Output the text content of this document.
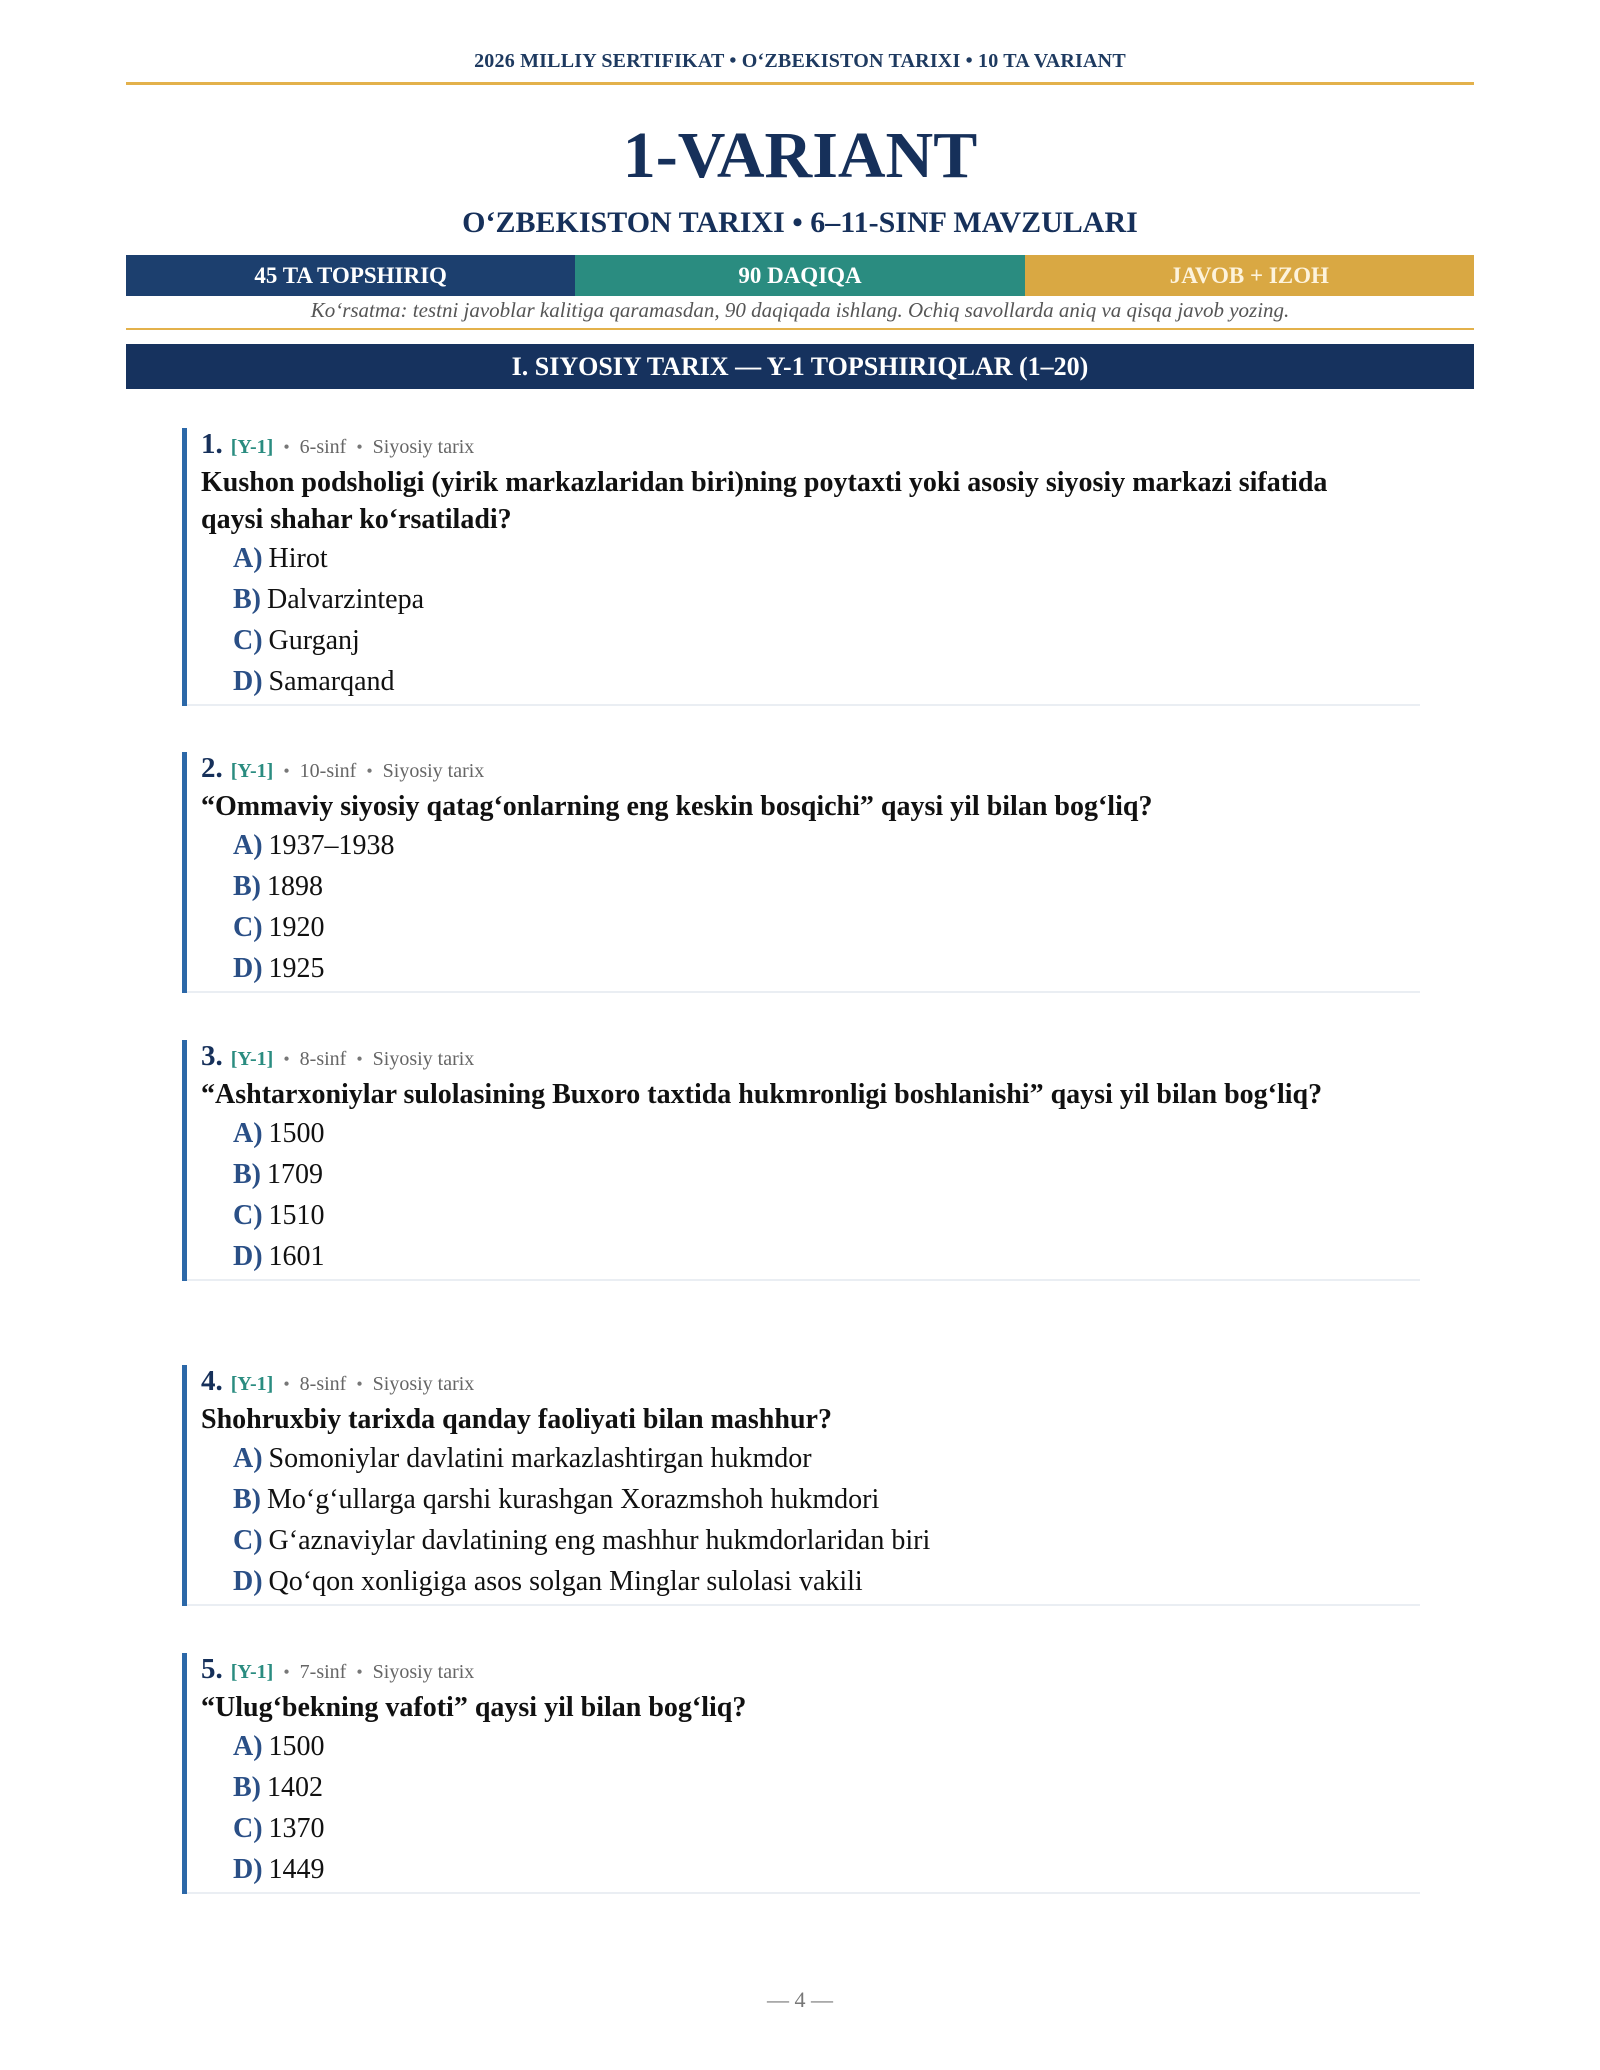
2026 MILLIY SERTIFIKAT • O‘ZBEKISTON TARIXI • 10 TA VARIANT
1-VARIANT
O‘ZBEKISTON TARIXI • 6–11-SINF MAVZULARI
45 TA TOPSHIRIQ	90 DAQIQA	JAVOB + IZOH
Ko‘rsatma: testni javoblar kalitiga qaramasdan, 90 daqiqada ishlang. Ochiq savollarda aniq va qisqa javob yozing.
I. SIYOSIY TARIX — Y-1 TOPSHIRIQLAR (1–20)
1. [Y-1] • 6-sinf • Siyosiy tarix
Kushon podsholigi (yirik markazlaridan biri)ning poytaxti yoki asosiy siyosiy markazi sifatida qaysi shahar ko‘rsatiladi?
A) Hirot
B) Dalvarzintepa
C) Gurganj
D) Samarqand
2. [Y-1] • 10-sinf • Siyosiy tarix
“Ommaviy siyosiy qatag‘onlarning eng keskin bosqichi” qaysi yil bilan bog‘liq?
A) 1937–1938
B) 1898
C) 1920
D) 1925
3. [Y-1] • 8-sinf • Siyosiy tarix
“Ashtarxoniylar sulolasining Buxoro taxtida hukmronligi boshlanishi” qaysi yil bilan bog‘liq?
A) 1500
B) 1709
C) 1510
D) 1601
4. [Y-1] • 8-sinf • Siyosiy tarix
Shohruxbiy tarixda qanday faoliyati bilan mashhur?
A) Somoniylar davlatini markazlashtirgan hukmdor
B) Mo‘g‘ullarga qarshi kurashgan Xorazmshoh hukmdori
C) G‘aznaviylar davlatining eng mashhur hukmdorlaridan biri
D) Qo‘qon xonligiga asos solgan Minglar sulolasi vakili
5. [Y-1] • 7-sinf • Siyosiy tarix
“Ulug‘bekning vafoti” qaysi yil bilan bog‘liq?
A) 1500
B) 1402
C) 1370
D) 1449
— 4 —
